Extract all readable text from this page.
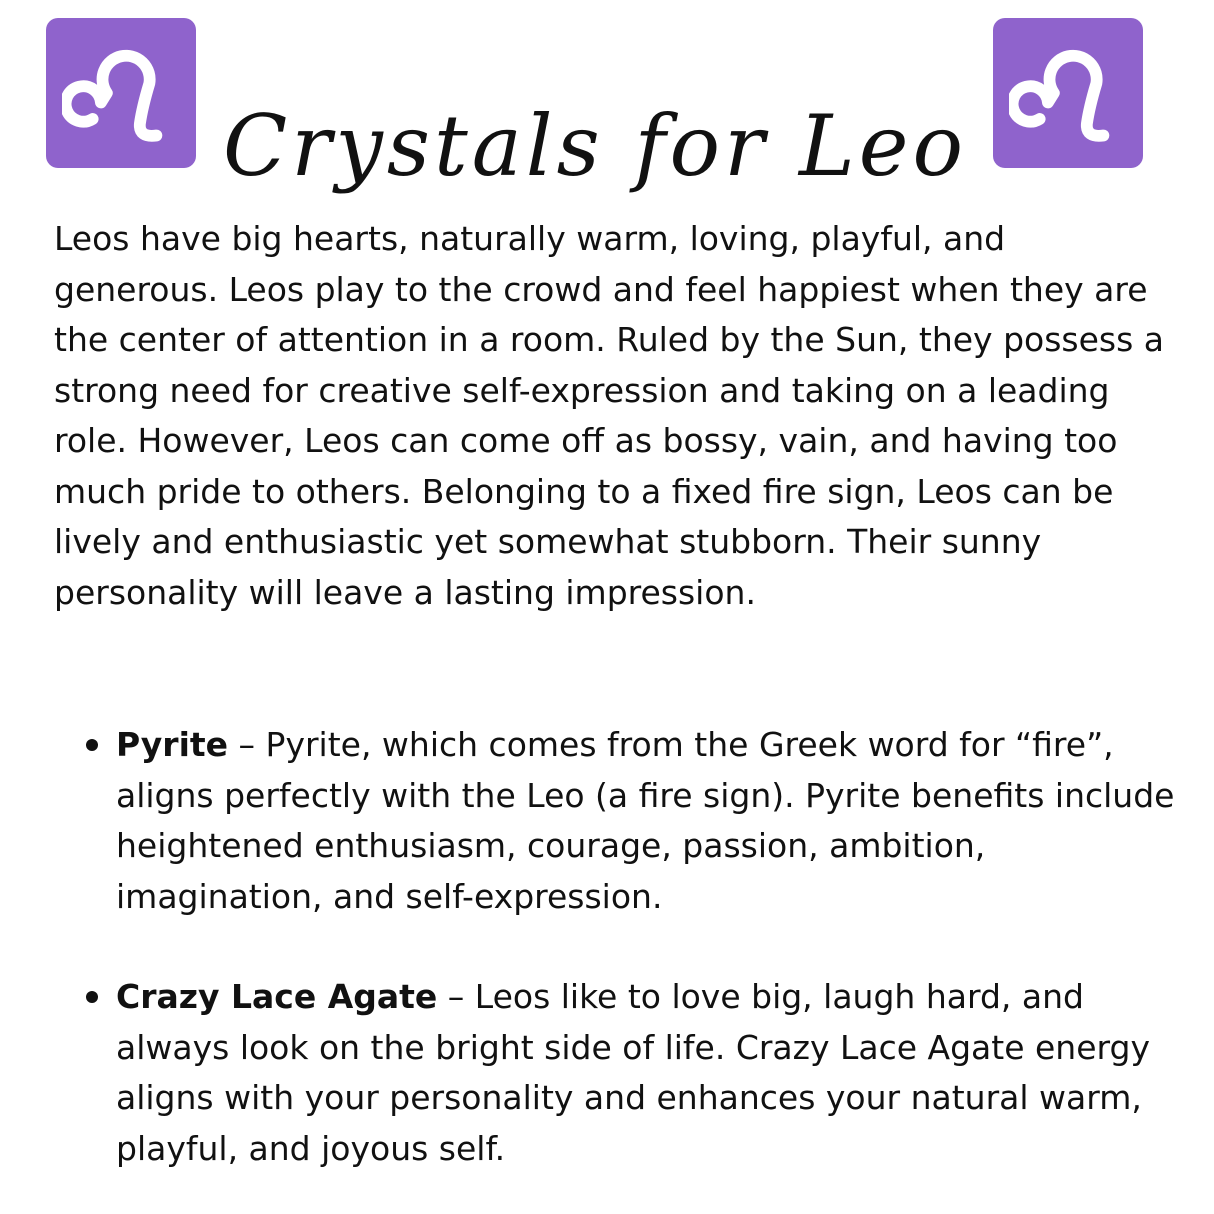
Crystals for Leo

Leos have big hearts, naturally warm, loving, playful, and generous. Leos play to the crowd and feel happiest when they are the center of attention in a room. Ruled by the Sun, they possess a strong need for creative self-expression and taking on a leading role. However, Leos can come off as bossy, vain, and having too much pride to others. Belonging to a fixed fire sign, Leos can be lively and enthusiastic yet somewhat stubborn. Their sunny personality will leave a lasting impression.

Pyrite – Pyrite, which comes from the Greek word for “fire”, aligns perfectly with the Leo (a fire sign). Pyrite benefits include heightened enthusiasm, courage, passion, ambition, imagination, and self-expression.
Crazy Lace Agate – Leos like to love big, laugh hard, and always look on the bright side of life. Crazy Lace Agate energy aligns with your personality and enhances your natural warm, playful, and joyous self.
